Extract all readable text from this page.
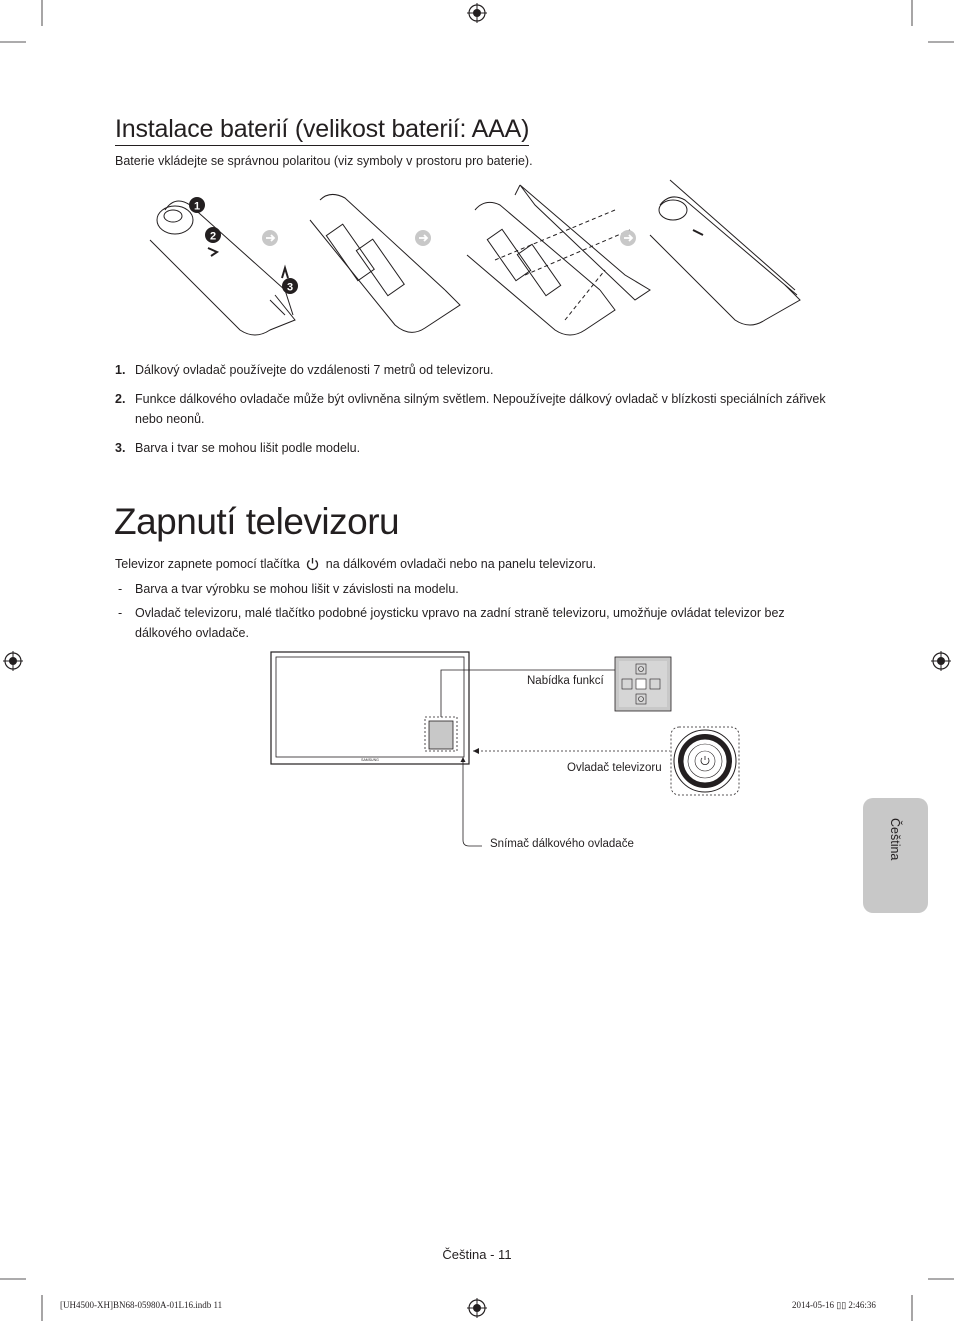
Instalace baterií (velikost baterií: AAA)
Baterie vkládejte se správnou polaritou (viz symboly v prostoru pro baterie).
1
2
3
1. Dálkový ovladač používejte do vzdálenosti 7 metrů od televizoru.
2. Funkce dálkového ovladače může být ovlivněna silným světlem. Nepoužívejte dálkový ovladač v blízkosti speciálních zářivek nebo neonů.
3. Barva i tvar se mohou lišit podle modelu.
Zapnutí televizoru
Televizor zapnete pomocí tlačítka na dálkovém ovladači nebo na panelu televizoru.
- Barva a tvar výrobku se mohou lišit v závislosti na modelu.
- Ovladač televizoru, malé tlačítko podobné joysticku vpravo na zadní straně televizoru, umožňuje ovládat televizor bez dálkového ovladače.
SAMSUNG
Nabídka funkcí
Ovladač televizoru
Snímač dálkového ovladače	Čeština
Čeština - 11
[UH4500-XH]BN68-05980A-01L16.indb 11	2014-05-16 ▯▯ 2:46:36
